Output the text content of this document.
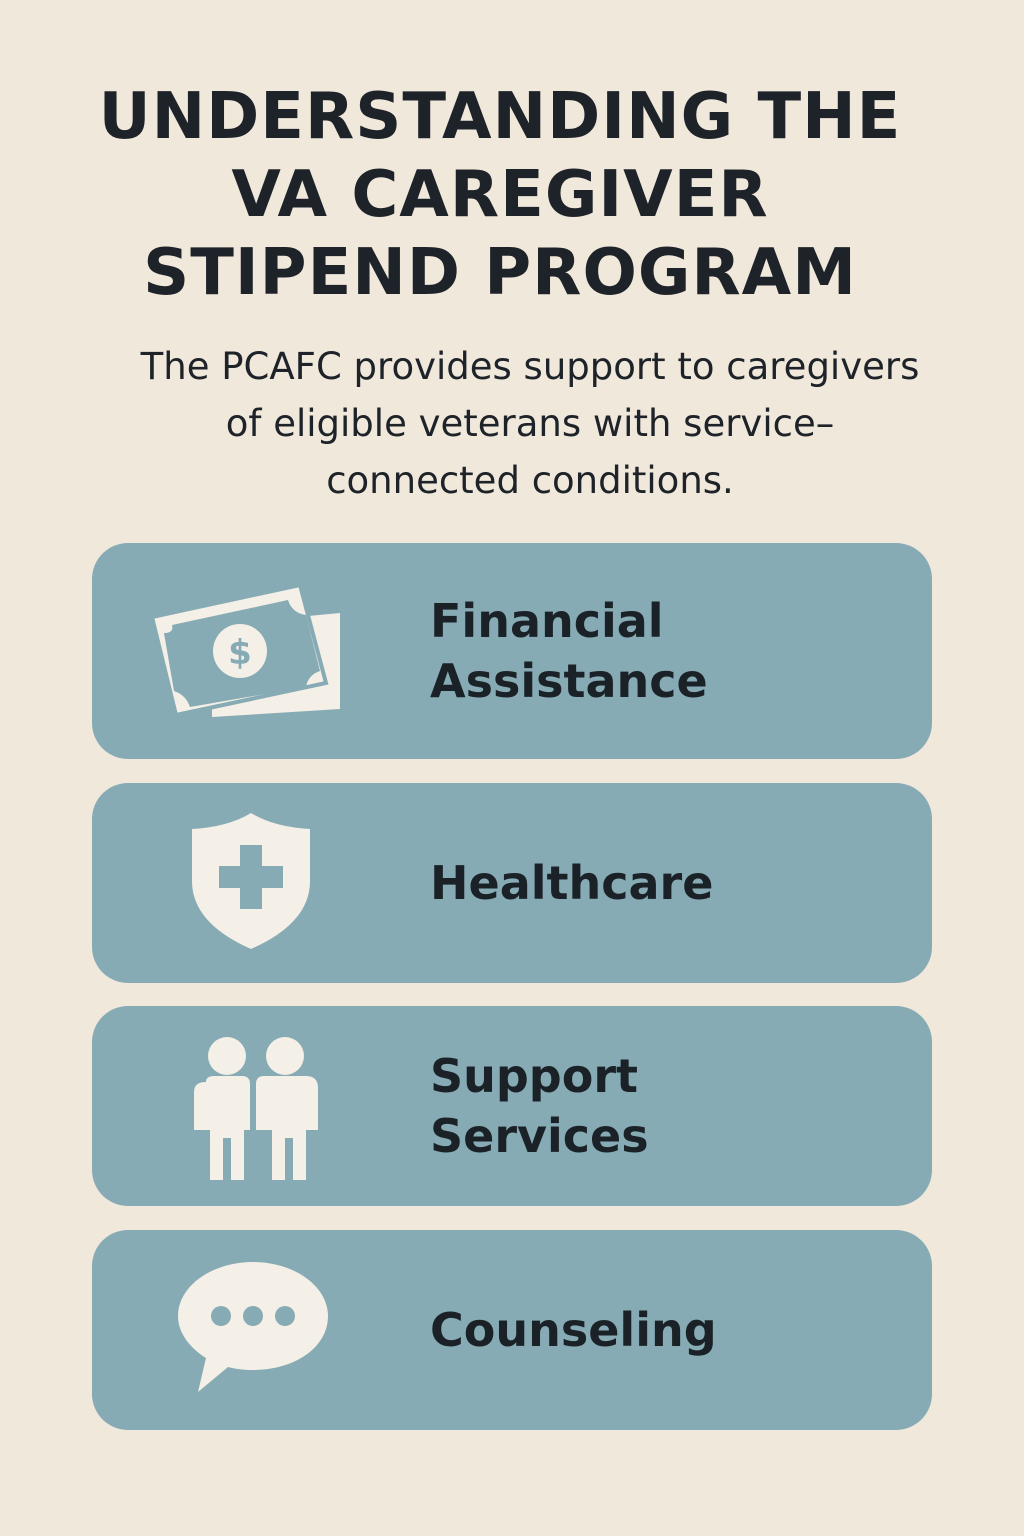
UNDERSTANDING THE
VA CAREGIVER
STIPEND PROGRAM

The PCAFC provides support to caregivers
of eligible veterans with service–
connected conditions.

$
Financial
Assistance
Healthcare
Support
Services
Counseling
